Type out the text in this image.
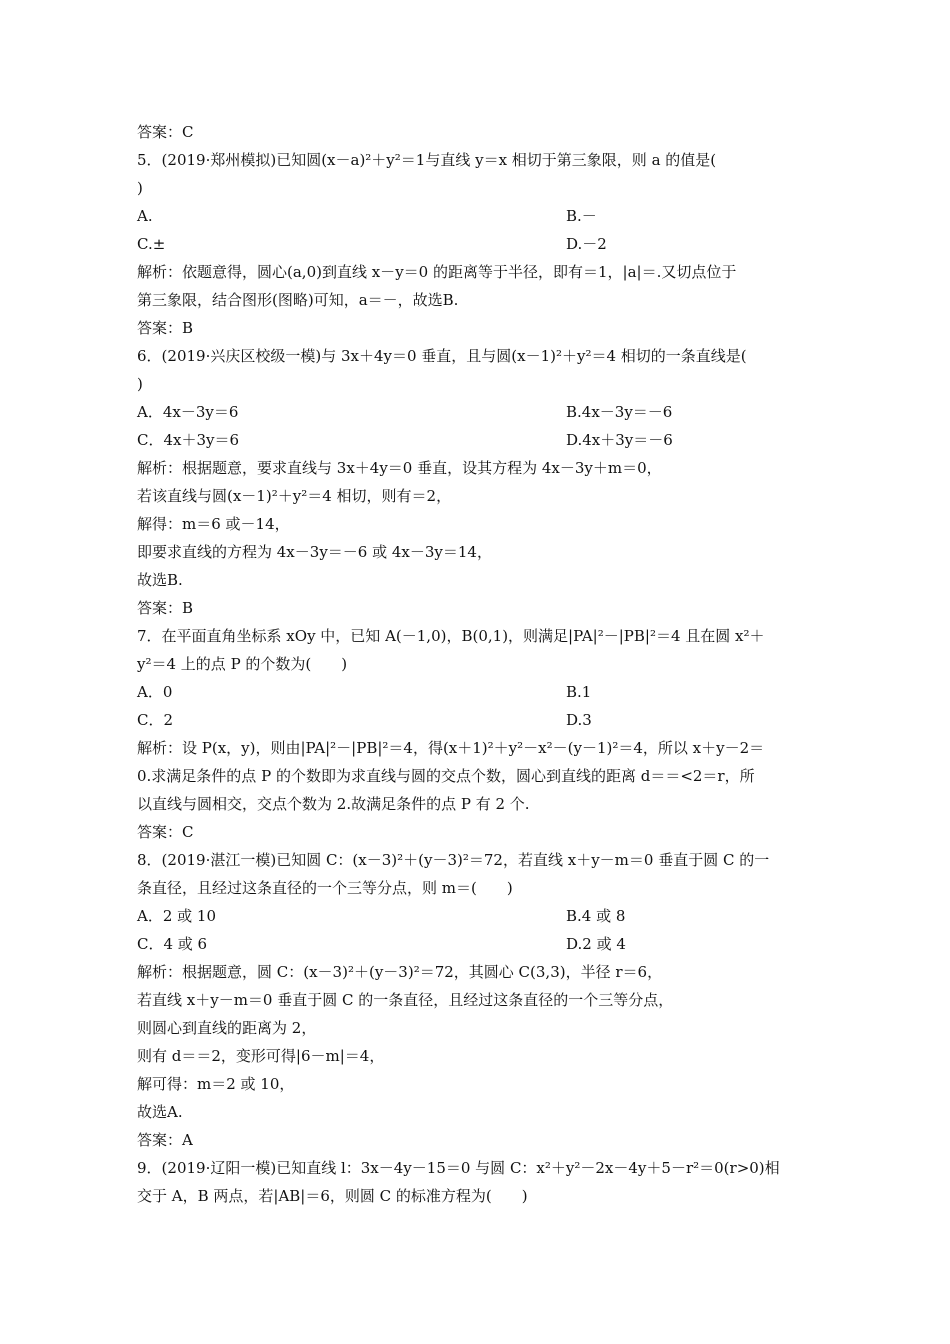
答案：C
5．(2019·郑州模拟)已知圆(x－a)²＋y²＝1与直线 y＝x 相切于第三象限，则 a 的值是(
)
A.	B.－
C.±	D.－2
解析：依题意得，圆心(a,0)到直线 x－y＝0 的距离等于半径，即有＝1，|a|＝.又切点位于
第三象限，结合图形(图略)可知，a＝－，故选B.
答案：B
6．(2019·兴庆区校级一模)与 3x＋4y＝0 垂直，且与圆(x－1)²＋y²＝4 相切的一条直线是(
)
A．4x－3y＝6	B.4x－3y＝－6
C．4x＋3y＝6	D.4x＋3y＝－6
解析：根据题意，要求直线与 3x＋4y＝0 垂直，设其方程为 4x－3y＋m＝0，
若该直线与圆(x－1)²＋y²＝4 相切，则有＝2，
解得：m＝6 或－14，
即要求直线的方程为 4x－3y＝－6 或 4x－3y＝14，
故选B.
答案：B
7．在平面直角坐标系 xOy 中，已知 A(－1,0)，B(0,1)，则满足|PA|²－|PB|²＝4 且在圆 x²＋
y²＝4 上的点 P 的个数为(　　)
A．0	B.1
C．2	D.3
解析：设 P(x，y)，则由|PA|²－|PB|²＝4，得(x＋1)²＋y²－x²－(y－1)²＝4，所以 x＋y－2＝
0.求满足条件的点 P 的个数即为求直线与圆的交点个数，圆心到直线的距离 d＝＝<2＝r，所
以直线与圆相交，交点个数为 2.故满足条件的点 P 有 2 个.
答案：C
8．(2019·湛江一模)已知圆 C：(x－3)²＋(y－3)²＝72，若直线 x＋y－m＝0 垂直于圆 C 的一
条直径，且经过这条直径的一个三等分点，则 m＝(　　)
A．2 或 10	B.4 或 8
C．4 或 6	D.2 或 4
解析：根据题意，圆 C：(x－3)²＋(y－3)²＝72，其圆心 C(3,3)，半径 r＝6，
若直线 x＋y－m＝0 垂直于圆 C 的一条直径，且经过这条直径的一个三等分点，
则圆心到直线的距离为 2，
则有 d＝＝2，变形可得|6－m|＝4，
解可得：m＝2 或 10，
故选A.
答案：A
9．(2019·辽阳一模)已知直线 l：3x－4y－15＝0 与圆 C：x²＋y²－2x－4y＋5－r²＝0(r>0)相
交于 A，B 两点，若|AB|＝6，则圆 C 的标准方程为(　　)
